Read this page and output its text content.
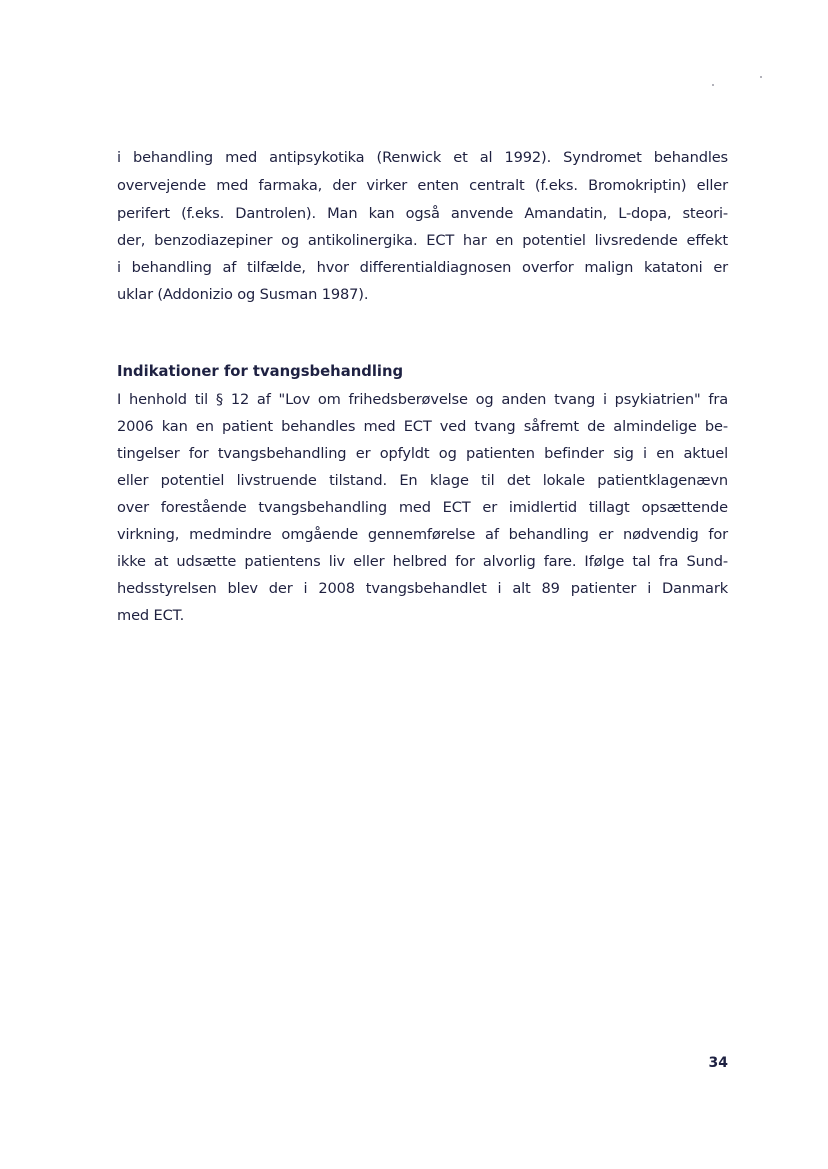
i behandling med antipsykotika (Renwick et al 1992). Syndromet behandles
overvejende med farmaka, der virker enten centralt (f.eks. Bromokriptin) eller
perifert (f.eks. Dantrolen). Man kan også anvende Amandatin, L-dopa, steori-
der, benzodiazepiner og antikolinergika. ECT har en potentiel livsredende effekt
i behandling af tilfælde, hvor differentialdiagnosen overfor malign katatoni er
uklar (Addonizio og Susman 1987).
Indikationer for tvangsbehandling
I henhold til § 12 af "Lov om frihedsberøvelse og anden tvang i psykiatrien" fra
2006 kan en patient behandles med ECT ved tvang såfremt de almindelige be-
tingelser for tvangsbehandling er opfyldt og patienten befinder sig i en aktuel
eller potentiel livstruende tilstand. En klage til det lokale patientklagenævn
over forestående tvangsbehandling med ECT er imidlertid tillagt opsættende
virkning, medmindre omgående gennemførelse af behandling er nødvendig for
ikke at udsætte patientens liv eller helbred for alvorlig fare. Ifølge tal fra Sund-
hedsstyrelsen blev der i 2008 tvangsbehandlet i alt 89 patienter i Danmark
med ECT.
34
